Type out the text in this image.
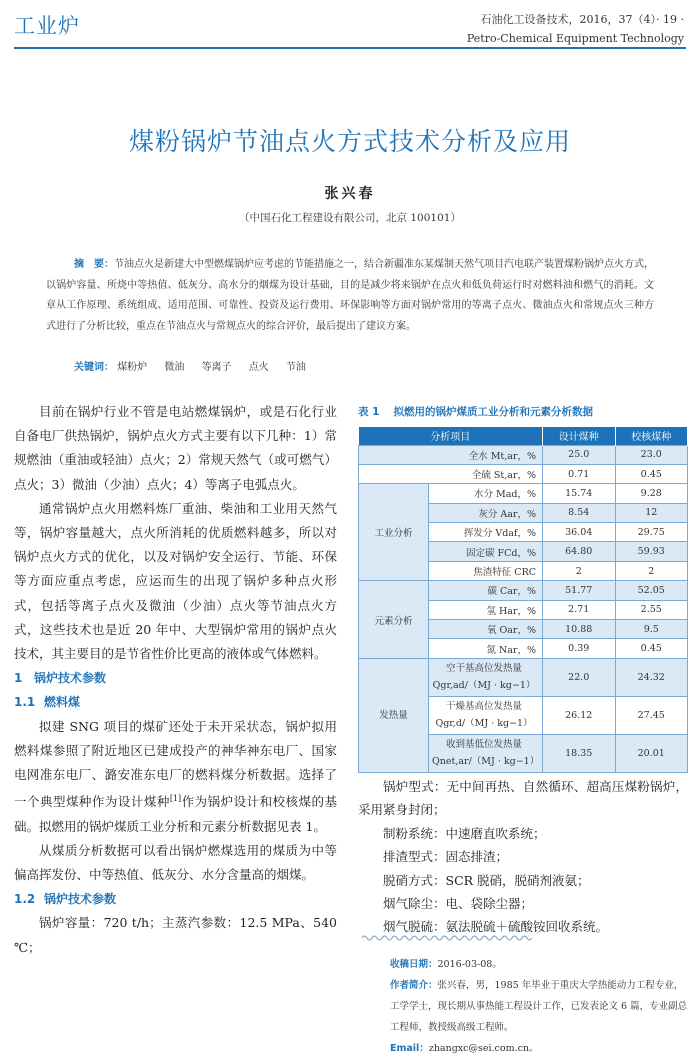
工业炉	石油化工设备技术，2016，37（4）· 19 ·
Petro-Chemical Equipment Technology
煤粉锅炉节油点火方式技术分析及应用
张兴春
（中国石化工程建设有限公司，北京 100101）
摘　要：节油点火是新建大中型燃煤锅炉应考虑的节能措施之一，结合新疆准东某煤制天然气项目汽电联产装置煤粉锅炉点火方式，以锅炉容量、所烧中等热值、低灰分、高水分的烟煤为设计基础，目的是减少将来锅炉在点火和低负荷运行时对燃料油和燃气的消耗。文章从工作原理、系统组成、适用范围、可靠性、投资及运行费用、环保影响等方面对锅炉常用的等离子点火、微油点火和常规点火三种方式进行了分析比较，重点在节油点火与常规点火的综合评价，最后提出了建议方案。
关键词： 煤粉炉 微油 等离子 点火 节油

目前在锅炉行业不管是电站燃煤锅炉，或是石化行业自备电厂供热锅炉，锅炉点火方式主要有以下几种：1）常规燃油（重油或轻油）点火；2）常规天然气（或可燃气）点火；3）微油（少油）点火；4）等离子电弧点火。

通常锅炉点火用燃料炼厂重油、柴油和工业用天然气等，锅炉容量越大，点火所消耗的优质燃料越多，所以对锅炉点火方式的优化，以及对锅炉安全运行、节能、环保等方面应重点考虑，应运而生的出现了锅炉多种点火形式，包括等离子点火及微油（少油）点火等节油点火方式，这些技术也是近 20 年中、大型锅炉常用的锅炉点火技术，其主要目的是节省性价比更高的液体或气体燃料。

1 锅炉技术参数
1.1 燃料煤

拟建 SNG 项目的煤矿还处于未开采状态，锅炉拟用燃料煤参照了附近地区已建成投产的神华神东电厂、国家电网准东电厂、潞安准东电厂的燃料煤分析数据。选择了一个典型煤种作为设计煤种[1]作为锅炉设计和校核煤的基础。拟燃用的锅炉煤质工业分析和元素分析数据见表 1。

从煤质分析数据可以看出锅炉燃煤选用的煤质为中等偏高挥发份、中等热值、低灰分、水分含量高的烟煤。

1.2 锅炉技术参数

锅炉容量：720 t/h；主蒸汽参数：12.5 MPa、540 ℃；

表 1 拟燃用的锅炉煤质工业分析和元素分析数据
分析项目		设计煤种	校核煤种
全水 Mt,ar，%		25.0	23.0
全硫 St,ar，%		0.71	0.45
工业分析	水分 Mad，%	15.74	9.28
	灰分 Aar，%	8.54	12
	挥发分 Vdaf，%	36.04	29.75
	固定碳 FCd，%	64.80	59.93
	焦渣特征 CRC	2	2
元素分析	碳 Car，%	51.77	52.05
	氢 Har，%	2.71	2.55
	氧 Oar，%	10.88	9.5
	氮 Nar，%	0.39	0.45
发热量	空干基高位发热量
Qgr,ad/（MJ · kg−1）	22.0	24.32

	干燥基高位发热量
Qgr,d/（MJ · kg−1）	26.12	27.45

	收到基低位发热量
Qnet,ar/（MJ · kg−1）	18.35	20.01

锅炉型式：无中间再热、自然循环、超高压煤粉锅炉，采用紧身封闭；

制粉系统：中速磨直吹系统；

排渣型式：固态排渣；

脱硝方式：SCR 脱硝，脱硝剂液氨；

烟气除尘：电、袋除尘器；

烟气脱硫：氨法脱硫＋硫酸铵回收系统。

收稿日期：2016-03-08。
作者简介：张兴春，男，1985 年毕业于重庆大学热能动力工程专业，工学学士，现长期从事热能工程设计工作，已发表论文 6 篇，专业副总工程师，教授级高级工程师。
Email：zhangxc@sei.com.cn。
